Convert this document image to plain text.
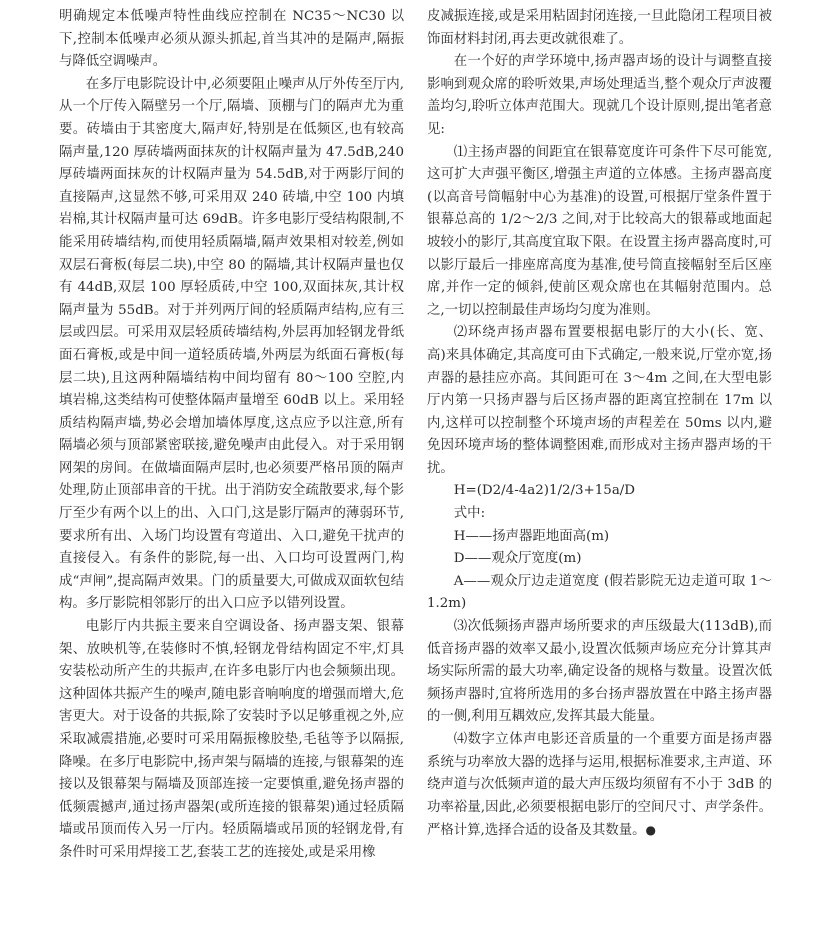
明确规定本低噪声特性曲线应控制在 NC35～NC30 以下,控制本低噪声必须从源头抓起,首当其冲的是隔声,隔振与降低空调噪声。

在多厅电影院设计中,必须要阻止噪声从厅外传至厅内,从一个厅传入隔壁另一个厅,隔墙、顶棚与门的隔声尤为重要。砖墙由于其密度大,隔声好,特别是在低频区,也有较高隔声量,120 厚砖墙两面抹灰的计权隔声量为 47.5dB,240 厚砖墙两面抹灰的计权隔声量为 54.5dB,对于两影厅间的直接隔声,这显然不够,可采用双 240 砖墙,中空 100 内填岩棉,其计权隔声量可达 69dB。许多电影厅受结构限制,不能采用砖墙结构,而使用轻质隔墙,隔声效果相对较差,例如双层石膏板(每层二块),中空 80 的隔墙,其计权隔声量也仅有 44dB,双层 100 厚轻质砖,中空 100,双面抹灰,其计权隔声量为 55dB。对于并列两厅间的轻质隔声结构,应有三层或四层。可采用双层轻质砖墙结构,外层再加轻钢龙骨纸面石膏板,或是中间一道轻质砖墙,外两层为纸面石膏板(每层二块),且这两种隔墙结构中间均留有 80～100 空腔,内填岩棉,这类结构可使整体隔声量增至 60dB 以上。采用轻质结构隔声墙,势必会增加墙体厚度,这点应予以注意,所有隔墙必须与顶部紧密联接,避免噪声由此侵入。对于采用钢网架的房间。在做墙面隔声层时,也必须要严格吊顶的隔声处理,防止顶部串音的干扰。出于消防安全疏散要求,每个影厅至少有两个以上的出、入口门,这是影厅隔声的薄弱环节,要求所有出、入场门均设置有弯道出、入口,避免干扰声的直接侵入。有条件的影院,每一出、入口均可设置两门,构成“声闸”,提高隔声效果。门的质量要大,可做成双面软包结构。多厅影院相邻影厅的出入口应予以错列设置。

电影厅内共振主要来自空调设备、扬声器支架、银幕架、放映机等,在装修时不慎,轻钢龙骨结构固定不牢,灯具安装松动所产生的共振声,在许多电影厅内也会频频出现。这种固体共振产生的噪声,随电影音响响度的增强而增大,危害更大。对于设备的共振,除了安装时予以足够重视之外,应采取减震措施,必要时可采用隔振橡胶垫,毛毡等予以隔振,降噪。在多厅电影院中,扬声架与隔墙的连接,与银幕架的连接以及银幕架与隔墙及顶部连接一定要慎重,避免扬声器的低频震撼声,通过扬声器架(或所连接的银幕架)通过轻质隔墙或吊顶而传入另一厅内。轻质隔墙或吊顶的轻钢龙骨,有条件时可采用焊接工艺,套装工艺的连接处,或是采用橡

皮减振连接,或是采用粘固封闭连接,一旦此隐闭工程项目被饰面材料封闭,再去更改就很难了。

在一个好的声学环境中,扬声器声场的设计与调整直接影响到观众席的聆听效果,声场处理适当,整个观众厅声波覆盖均匀,聆听立体声范围大。现就几个设计原则,提出笔者意见:

⑴主扬声器的间距宜在银幕宽度许可条件下尽可能宽,这可扩大声强平衡区,增强主声道的立体感。主扬声器高度(以高音号筒幅射中心为基准)的设置,可根据厅堂条件置于银幕总高的 1/2～2/3 之间,对于比较高大的银幕或地面起坡较小的影厅,其高度宜取下限。在设置主扬声器高度时,可以影厅最后一排座席高度为基准,使号筒直接幅射至后区座席,并作一定的倾斜,使前区观众席也在其幅射范围内。总之,一切以控制最佳声场均匀度为准则。

⑵环绕声扬声器布置要根据电影厅的大小(长、宽、高)来具体确定,其高度可由下式确定,一般来说,厅堂亦宽,扬声器的悬挂应亦高。其间距可在 3～4m 之间,在大型电影厅内第一只扬声器与后区扬声器的距离宜控制在 17m 以内,这样可以控制整个环境声场的声程差在 50ms 以内,避免因环境声场的整体调整困难,而形成对主扬声器声场的干扰。

H=(D2/4-4a2)1/2/3+15a/D

式中:

H——扬声器距地面高(m)

D——观众厅宽度(m)

A——观众厅边走道宽度 (假若影院无边走道可取 1～1.2m)

⑶次低频扬声器声场所要求的声压级最大(113dB),而低音扬声器的效率又最小,设置次低频声场应充分计算其声场实际所需的最大功率,确定设备的规格与数量。设置次低频扬声器时,宜将所选用的多台扬声器放置在中路主扬声器的一侧,利用互耦效应,发挥其最大能量。

⑷数字立体声电影还音质量的一个重要方面是扬声器系统与功率放大器的选择与运用,根据标准要求,主声道、环绕声道与次低频声道的最大声压级均须留有不小于 3dB 的功率裕量,因此,必须要根据电影厅的空间尺寸、声学条件。严格计算,选择合适的设备及其数量。●
